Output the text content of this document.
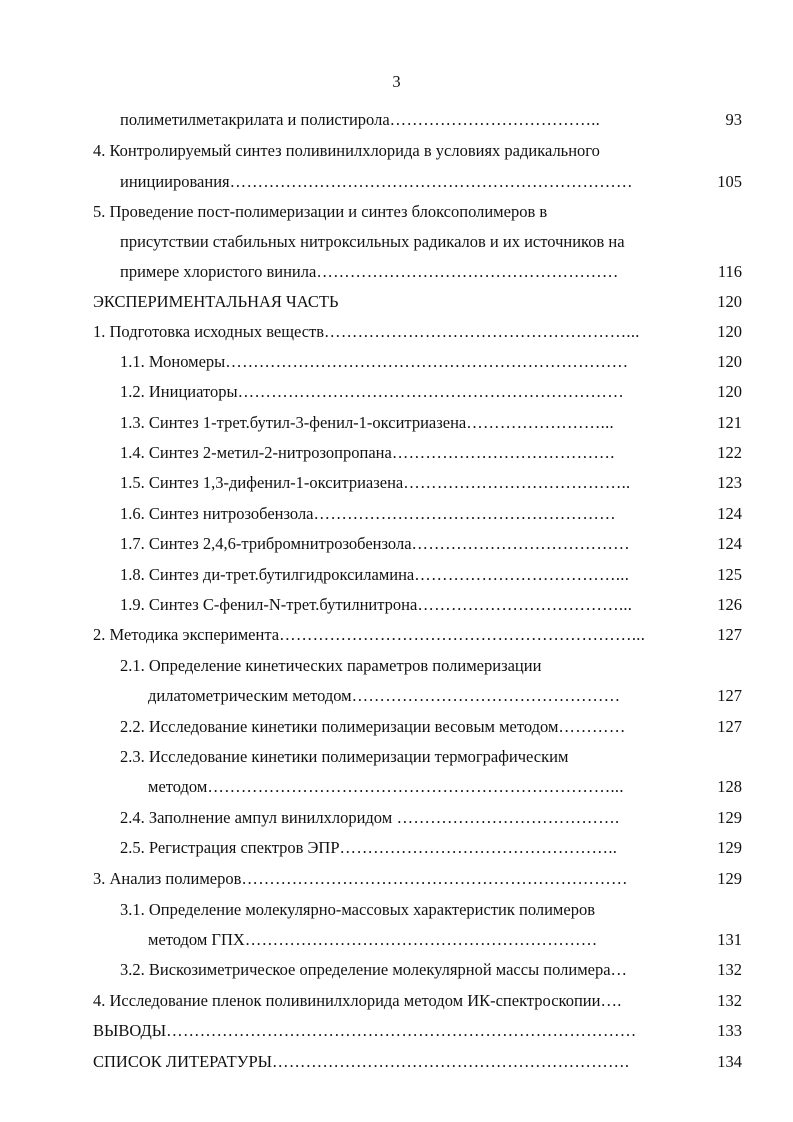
3
полиметилметакрилата и полистирола………………………………..	93
4. Контролируемый синтез поливинилхлорида в условиях радикального
инициирования………………………………………………………………	105
5. Проведение пост-полимеризации и синтез блоксополимеров в
присутствии стабильных нитроксильных радикалов и их источников на
примере хлористого винила………………………………………………	116
ЭКСПЕРИМЕНТАЛЬНАЯ ЧАСТЬ	120
1. Подготовка исходных веществ………………………………………………...	120
1.1. Мономеры………………………………………………………………	120
1.2. Инициаторы……………………………………………………………	120
1.3. Синтез 1-трет.бутил-3-фенил-1-окситриазена……………………...	121
1.4. Синтез 2-метил-2-нитрозопропана………………………………….	122
1.5. Синтез 1,3-дифенил-1-окситриазена…………………………………..	123
1.6. Синтез нитрозобензола………………………………………………	124
1.7. Синтез 2,4,6-трибромнитрозобензола…………………………………	124
1.8. Синтез ди-трет.бутилгидроксиламина………………………………...	125
1.9. Синтез С-фенил-N-трет.бутилнитрона………………………………...	126
2. Методика эксперимента………………………………………………………...	127
2.1. Определение кинетических параметров полимеризации
дилатометрическим методом…………………………………………	127
2.2. Исследование кинетики полимеризации весовым методом…………	127
2.3. Исследование кинетики полимеризации термографическим
методом………………………………………………………………...	128
2.4. Заполнение ампул винилхлоридом ………………………………….	129
2.5. Регистрация спектров ЭПР…………………………………………..	129
3. Анализ полимеров……………………………………………………………	129
3.1. Определение молекулярно-массовых характеристик полимеров
методом ГПХ………………………………………………………	131
3.2. Вискозиметрическое определение молекулярной массы полимера…	132
4. Исследование пленок поливинилхлорида методом ИК-спектроскопии….	132
ВЫВОДЫ…………………………………………………………………………	133
СПИСОК ЛИТЕРАТУРЫ……………………………………………………….	134
